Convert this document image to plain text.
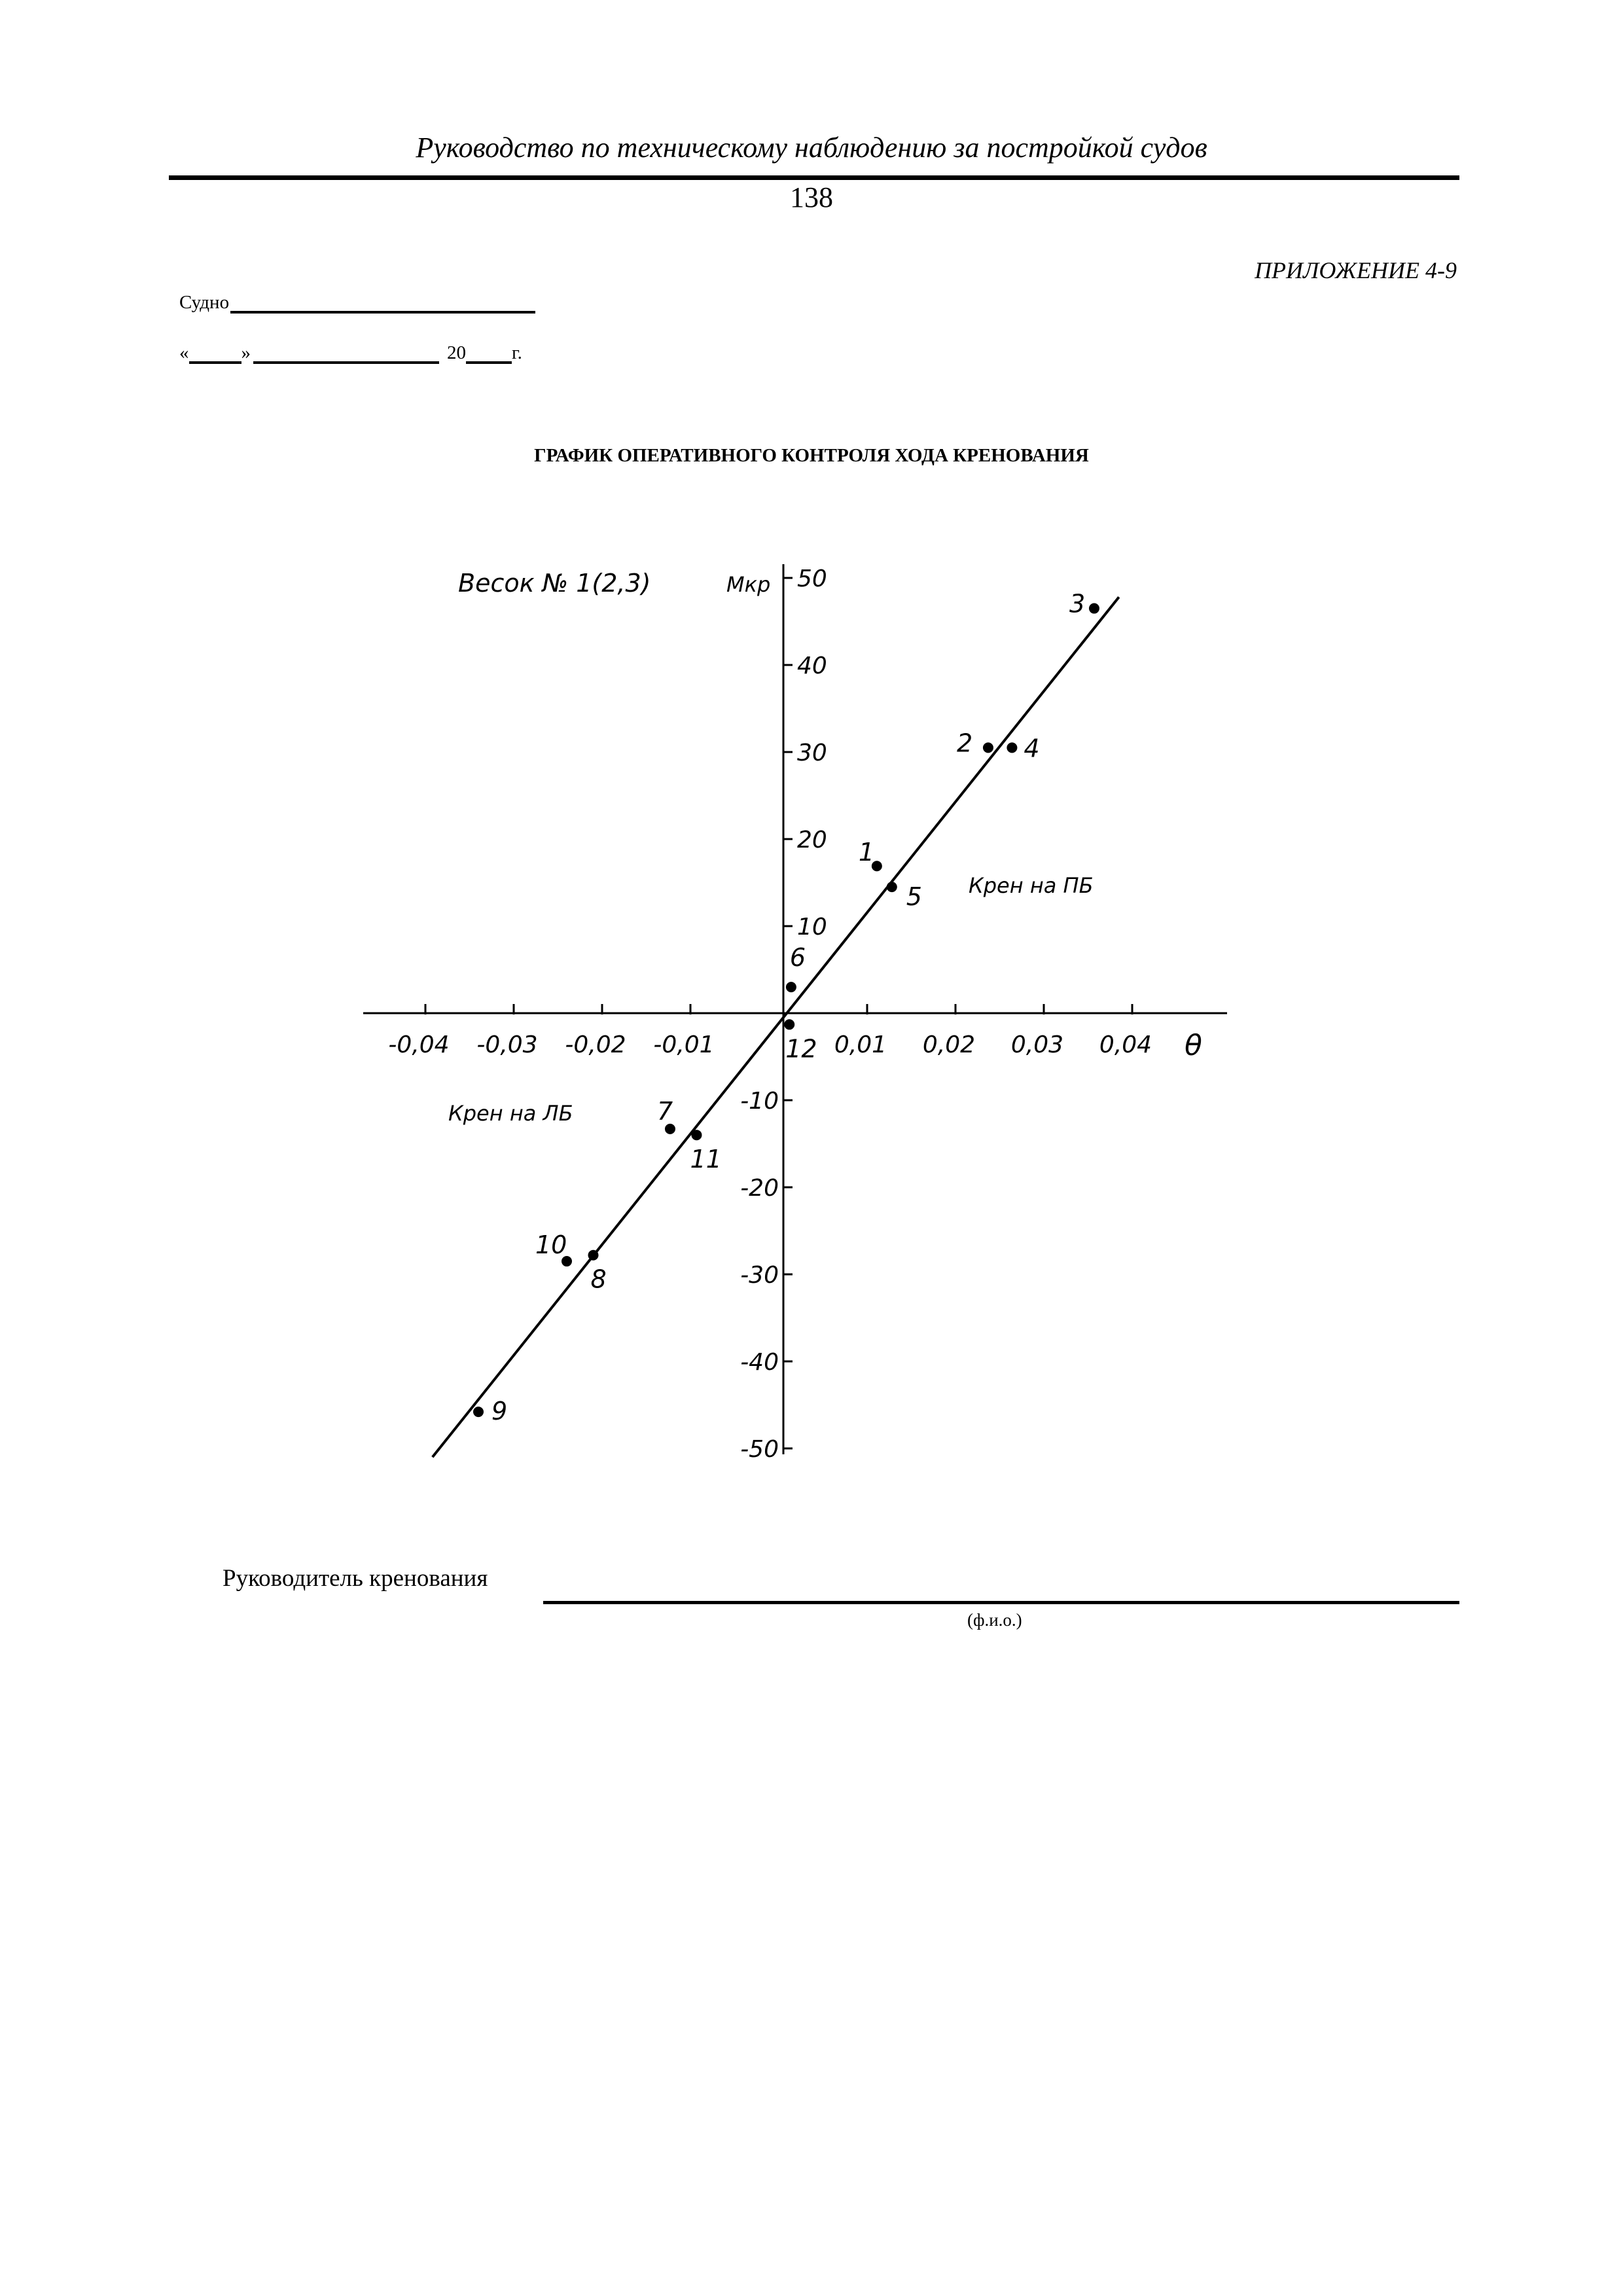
Руководство по техническому наблюдению за постройкой судов
138
ПРИЛОЖЕНИЕ 4-9
Судно
«	»	20 г.
ГРАФИК ОПЕРАТИВНОГО КОНТРОЛЯ ХОДА КРЕНОВАНИЯ
-0,04 -0,03 -0,02 -0,01	0,01 0,02 0,03 0,04
50
40
30
20
10
-10
-20
-30
-40
-50
1
2
3
4
5
6
7
8
9
10
11
12
Весок № 1(2,3)	Mкр
θ
Крен на ПБ
Крен на ЛБ
Руководитель кренования
(ф.и.о.)
